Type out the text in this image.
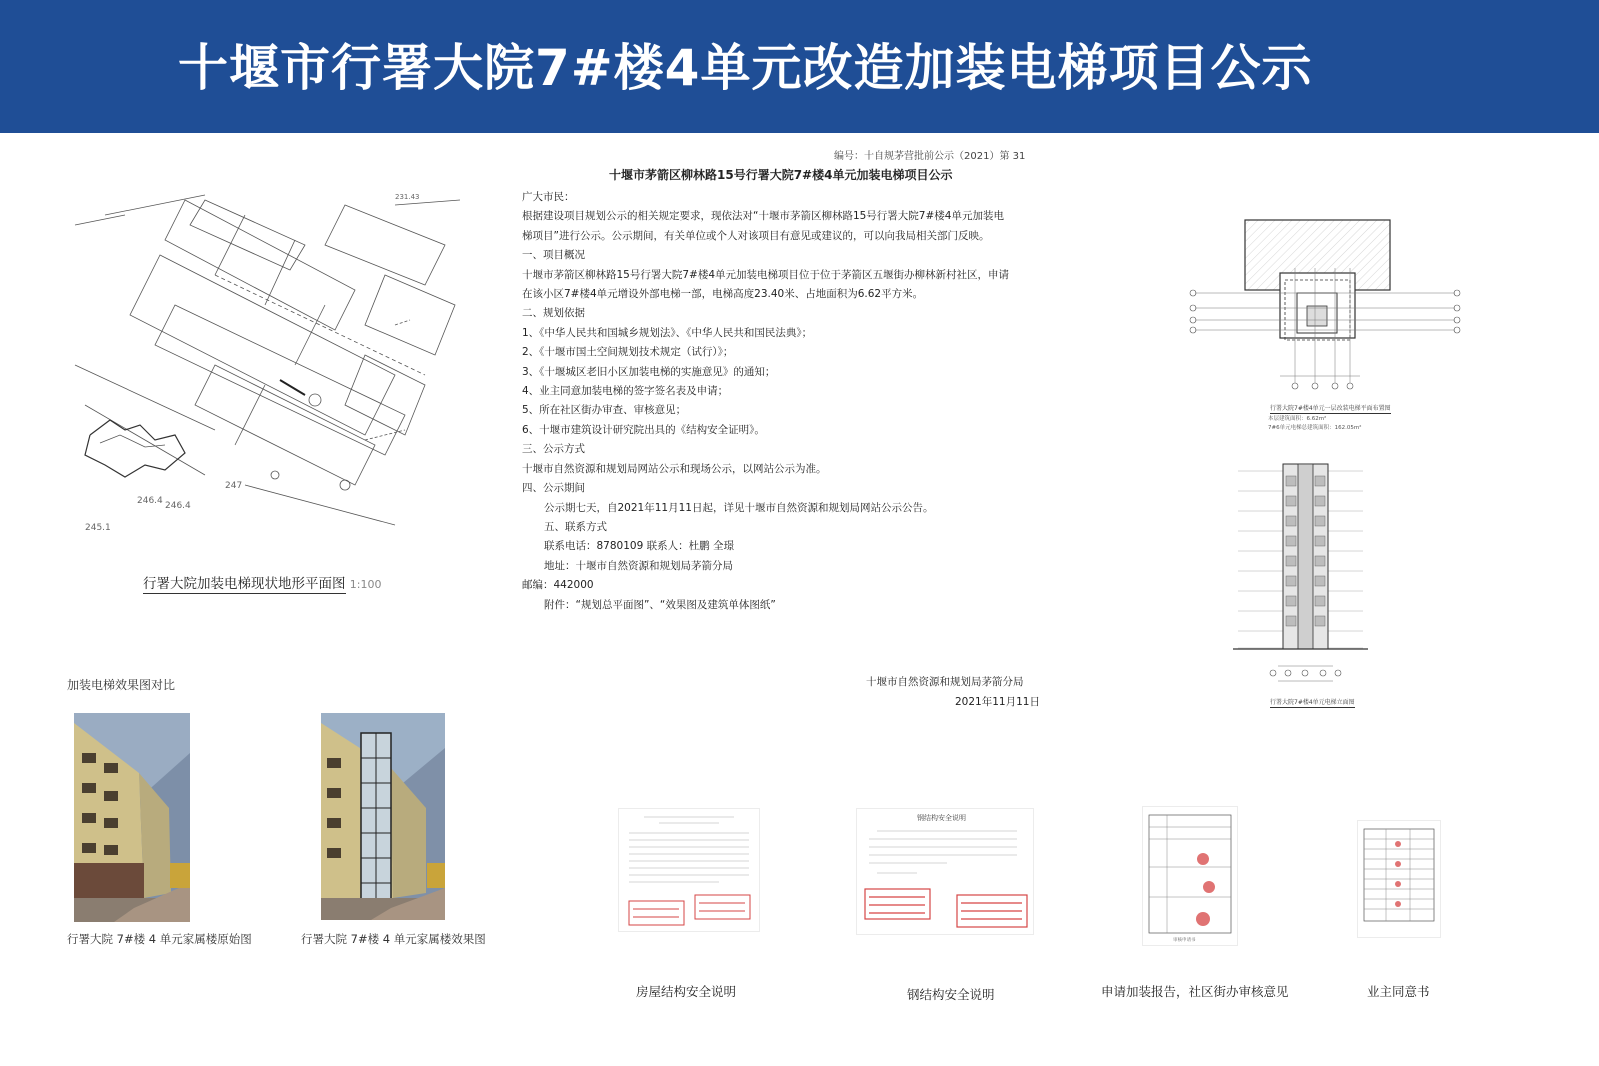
十堰市行署大院7#楼4单元改造加装电梯项目公示
231.43
246.4 246.4
245.1
247
行署大院加装电梯现状地形平面图 1:100
编号：十自规茅营批前公示（2021）第 31
十堰市茅箭区柳林路15号行署大院7#楼4单元加装电梯项目公示
广大市民：
根据建设项目规划公示的相关规定要求，现依法对“十堰市茅箭区柳林路15号行署大院7#楼4单元加装电
梯项目”进行公示。公示期间，有关单位或个人对该项目有意见或建议的，可以向我局相关部门反映。
一、项目概况
十堰市茅箭区柳林路15号行署大院7#楼4单元加装电梯项目位于位于茅箭区五堰街办柳林新村社区，申请
在该小区7#楼4单元增设外部电梯一部，电梯高度23.40米、占地面积为6.62平方米。
二、规划依据
1、《中华人民共和国城乡规划法》、《中华人民共和国民法典》；
2、《十堰市国土空间规划技术规定（试行）》；
3、《十堰城区老旧小区加装电梯的实施意见》的通知；
4、业主同意加装电梯的签字签名表及申请；
5、所在社区街办审查、审核意见；
6、十堰市建筑设计研究院出具的《结构安全证明》。
三、公示方式
十堰市自然资源和规划局网站公示和现场公示，以网站公示为准。
四、公示期间
公示期七天，自2021年11月11日起，详见十堰市自然资源和规划局网站公示公告。
五、联系方式
联系电话：8780109 联系人：杜鹏 全璟
地址：十堰市自然资源和规划局茅箭分局
邮编：442000
附件：“规划总平面图”、“效果图及建筑单体图纸”
十堰市自然资源和规划局茅箭分局
2021年11月11日
行署大院7#楼4单元一层改装电梯平面布置图
本层建筑面积：6.62m²
7#6单元电梯总建筑面积：162.05m²
行署大院7#楼4单元电梯立面图
加装电梯效果图对比
行署大院 7#楼 4 单元家属楼原始图	行署大院 7#楼 4 单元家属楼效果图
房屋结构安全说明
钢结构安全说明
钢结构安全说明
审核申请书
申请加装报告，社区街办审核意见	业主同意书
